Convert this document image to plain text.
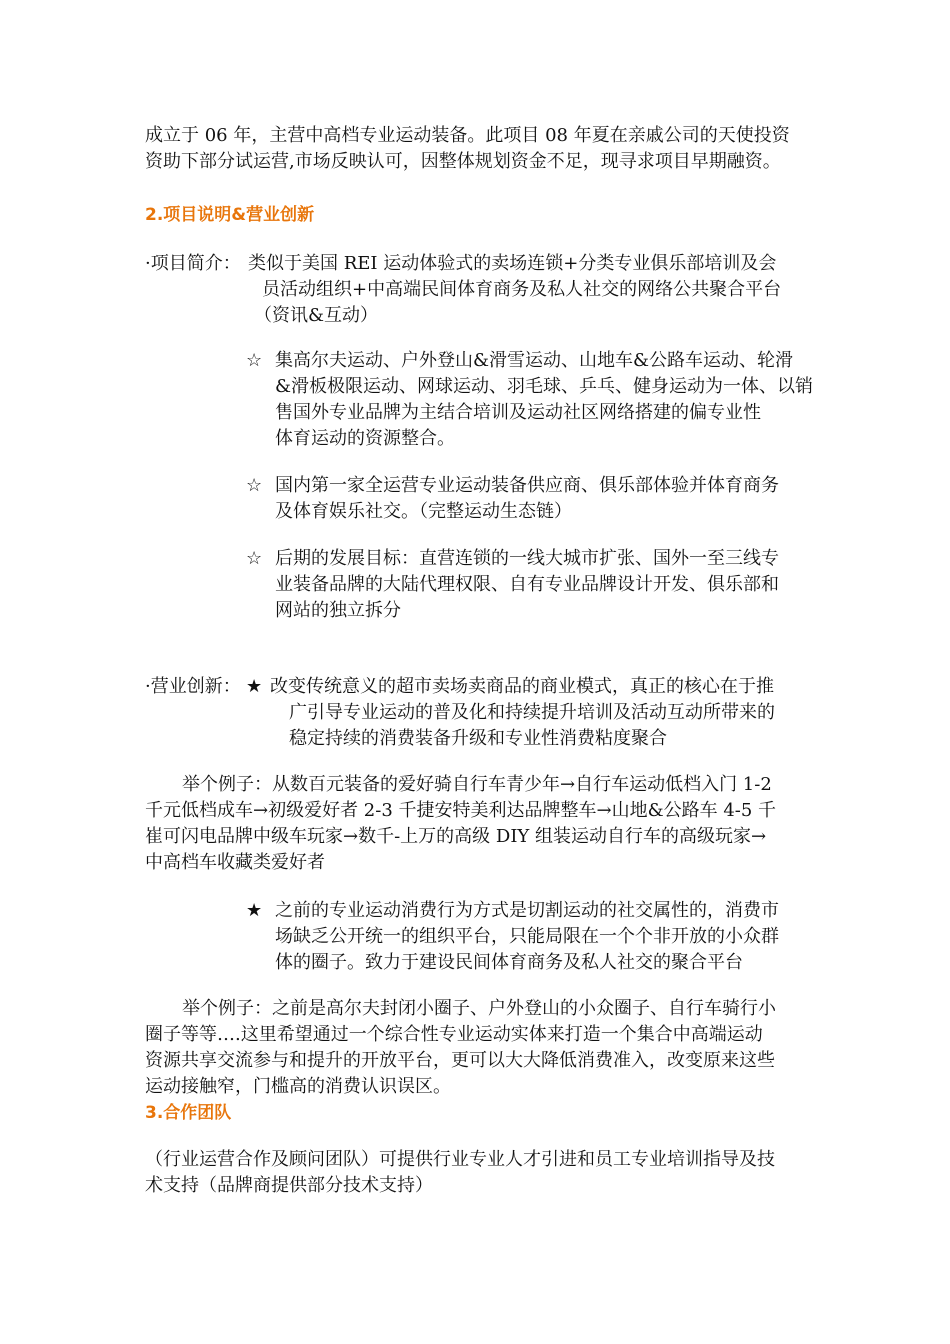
成立于 06 年，主营中高档专业运动装备。此项目 08 年夏在亲戚公司的天使投资

资助下部分试运营,市场反映认可，因整体规划资金不足，现寻求项目早期融资。

2.项目说明&营业创新

·项目简介： 类似于美国 REI 运动体验式的卖场连锁+分类专业俱乐部培训及会

员活动组织+中高端民间体育商务及私人社交的网络公共聚合平台

（资讯&互动）

☆ 集高尔夫运动、户外登山&滑雪运动、山地车&公路车运动、轮滑

&滑板极限运动、网球运动、羽毛球、乒乓、健身运动为一体、以销

售国外专业品牌为主结合培训及运动社区网络搭建的偏专业性

体育运动的资源整合。

☆ 国内第一家全运营专业运动装备供应商、俱乐部体验并体育商务

及体育娱乐社交。（完整运动生态链）

☆ 后期的发展目标：直营连锁的一线大城市扩张、国外一至三线专

业装备品牌的大陆代理权限、自有专业品牌设计开发、俱乐部和

网站的独立拆分

·营业创新： ★ 改变传统意义的超市卖场卖商品的商业模式，真正的核心在于推

广引导专业运动的普及化和持续提升培训及活动互动所带来的

稳定持续的消费装备升级和专业性消费粘度聚合

举个例子：从数百元装备的爱好骑自行车青少年→自行车运动低档入门 1-2

千元低档成车→初级爱好者 2-3 千捷安特美利达品牌整车→山地&公路车 4-5 千

崔可闪电品牌中级车玩家→数千-上万的高级 DIY 组装运动自行车的高级玩家→

中高档车收藏类爱好者

★ 之前的专业运动消费行为方式是切割运动的社交属性的，消费市

场缺乏公开统一的组织平台，只能局限在一个个非开放的小众群

体的圈子。致力于建设民间体育商务及私人社交的聚合平台

举个例子：之前是高尔夫封闭小圈子、户外登山的小众圈子、自行车骑行小

圈子等等….这里希望通过一个综合性专业运动实体来打造一个集合中高端运动

资源共享交流参与和提升的开放平台，更可以大大降低消费准入，改变原来这些

运动接触窄，门槛高的消费认识误区。

3.合作团队

（行业运营合作及顾问团队）可提供行业专业人才引进和员工专业培训指导及技

术支持（品牌商提供部分技术支持）
